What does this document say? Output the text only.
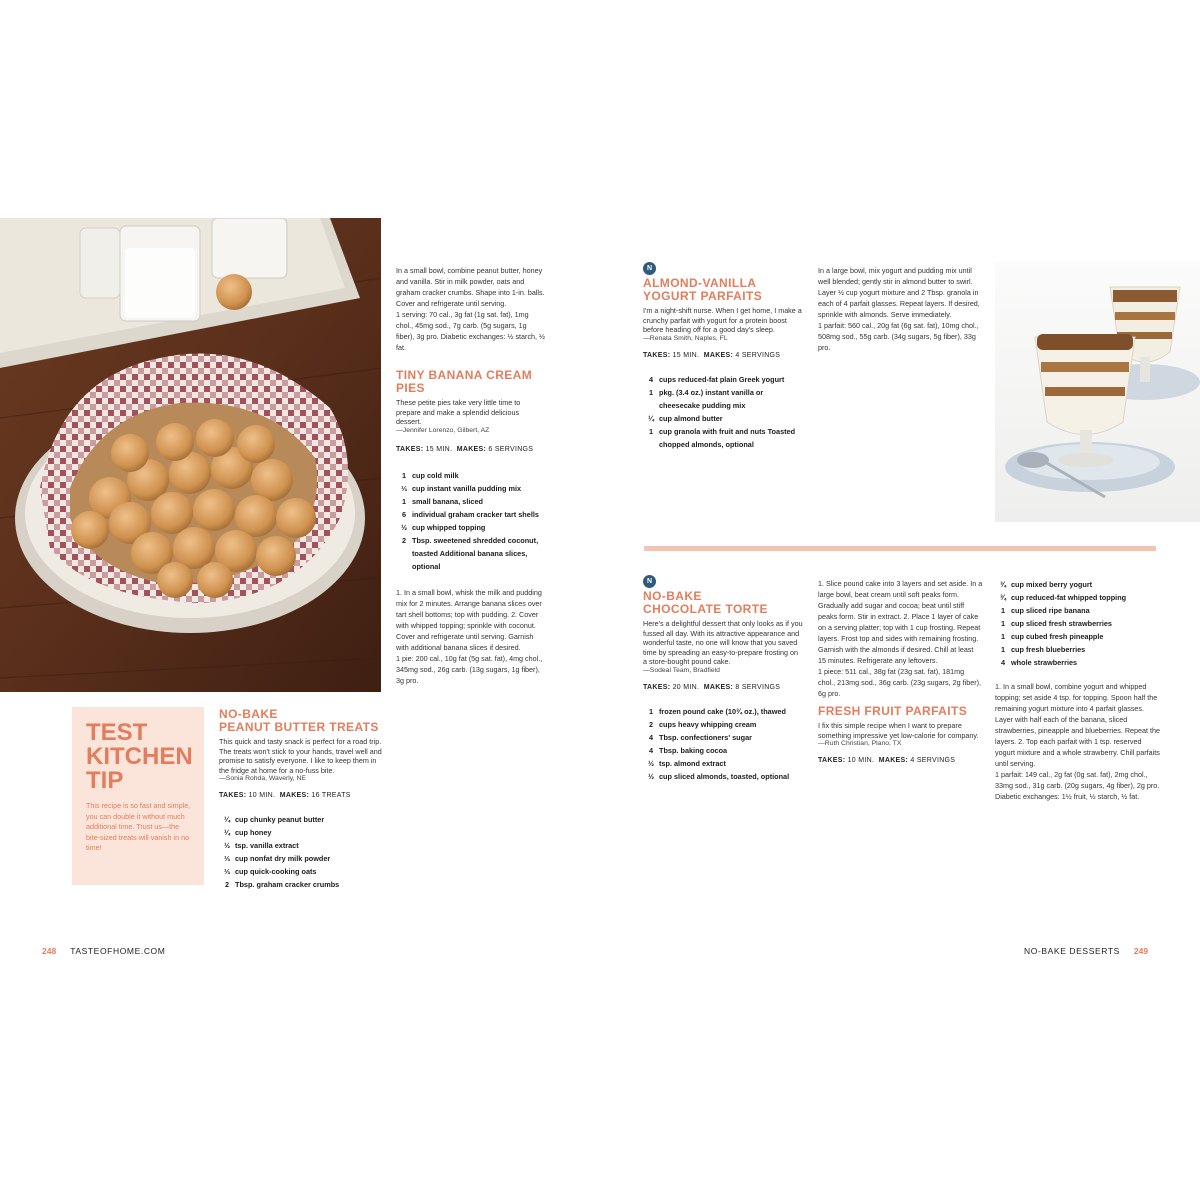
TEST
KITCHEN
TIP
This recipe is so fast and simple, you can double it without much additional time. Trust us—the bite-sized treats will vanish in no time!
NO-BAKE
PEANUT BUTTER TREATS
This quick and tasty snack is perfect for a road trip. The treats won't stick to your hands, travel well and promise to satisfy everyone. I like to keep them in the fridge at home for a no-fuss bite.
—Sonia Rohda, Waverly, NE
TAKES: 10 MIN. MAKES: 16 TREATS
¼ cup chunky peanut butter
¼ cup honey
½ tsp. vanilla extract
⅓ cup nonfat dry milk powder
⅓ cup quick-cooking oats
2 Tbsp. graham cracker crumbs
In a small bowl, combine peanut butter, honey and vanilla. Stir in milk powder, oats and graham cracker crumbs. Shape into 1-in. balls. Cover and refrigerate until serving.
1 serving: 70 cal., 3g fat (1g sat. fat), 1mg chol., 45mg sod., 7g carb. (5g sugars, 1g fiber), 3g pro. Diabetic exchanges: ½ starch, ½ fat.
TINY BANANA CREAM PIES
These petite pies take very little time to prepare and make a splendid delicious dessert.
—Jennifer Lorenzo, Gilbert, AZ
TAKES: 15 MIN. MAKES: 6 SERVINGS
1 cup cold milk
⅓ cup instant vanilla pudding mix
1 small banana, sliced
6 individual graham cracker tart shells
½ cup whipped topping
2 Tbsp. sweetened shredded coconut, toasted Additional banana slices, optional
1. In a small bowl, whisk the milk and pudding mix for 2 minutes. Arrange banana slices over tart shell bottoms; top with pudding. 2. Cover with whipped topping; sprinkle with coconut. Cover and refrigerate until serving. Garnish with additional banana slices if desired.
1 pie: 200 cal., 10g fat (5g sat. fat), 4mg chol., 345mg sod., 26g carb. (13g sugars, 1g fiber), 3g pro.
N
ALMOND-VANILLA
YOGURT PARFAITS
I'm a night-shift nurse. When I get home, I make a crunchy parfait with yogurt for a protein boost before heading off for a good day's sleep.
—Renata Smith, Naples, FL
TAKES: 15 MIN. MAKES: 4 SERVINGS
4 cups reduced-fat plain Greek yogurt
1 pkg. (3.4 oz.) instant vanilla or cheesecake pudding mix
¼ cup almond butter
1 cup granola with fruit and nuts Toasted chopped almonds, optional
In a large bowl, mix yogurt and pudding mix until well blended; gently stir in almond butter to swirl. Layer ½ cup yogurt mixture and 2 Tbsp. granola in each of 4 parfait glasses. Repeat layers. If desired, sprinkle with almonds. Serve immediately.
1 parfait: 560 cal., 20g fat (6g sat. fat), 10mg chol., 508mg sod., 55g carb. (34g sugars, 5g fiber), 33g pro.
N
NO-BAKE
CHOCOLATE TORTE
Here's a delightful dessert that only looks as if you fussed all day. With its attractive appearance and wonderful taste, no one will know that you saved time by spreading an easy-to-prepare frosting on a store-bought pound cake.
—Sodeal Team, Bradfield
TAKES: 20 MIN. MAKES: 8 SERVINGS
1 frozen pound cake (10¾ oz.), thawed
2 cups heavy whipping cream
4 Tbsp. confectioners' sugar
4 Tbsp. baking cocoa
½ tsp. almond extract
½ cup sliced almonds, toasted, optional
1. Slice pound cake into 3 layers and set aside. In a large bowl, beat cream until soft peaks form. Gradually add sugar and cocoa; beat until stiff peaks form. Stir in extract. 2. Place 1 layer of cake on a serving platter; top with 1 cup frosting. Repeat layers. Frost top and sides with remaining frosting. Garnish with the almonds if desired. Chill at least 15 minutes. Refrigerate any leftovers.
1 piece: 511 cal., 38g fat (23g sat. fat), 181mg chol., 213mg sod., 36g carb. (23g sugars, 2g fiber), 6g pro.
FRESH FRUIT PARFAITS
I fix this simple recipe when I want to prepare something impressive yet low-calorie for company.
—Ruth Christian, Plano, TX
TAKES: 10 MIN. MAKES: 4 SERVINGS
¾ cup mixed berry yogurt
¾ cup reduced-fat whipped topping
1 cup sliced ripe banana
1 cup sliced fresh strawberries
1 cup cubed fresh pineapple
1 cup fresh blueberries
4 whole strawberries
1. In a small bowl, combine yogurt and whipped topping; set aside 4 tsp. for topping. Spoon half the remaining yogurt mixture into 4 parfait glasses. Layer with half each of the banana, sliced strawberries, pineapple and blueberries. Repeat the layers. 2. Top each parfait with 1 tsp. reserved yogurt mixture and a whole strawberry. Chill parfaits until serving.
1 parfait: 149 cal., 2g fat (0g sat. fat), 2mg chol., 33mg sod., 31g carb. (20g sugars, 4g fiber), 2g pro. Diabetic exchanges: 1½ fruit, ½ starch, ½ fat.
248 TASTEOFHOME.COM	NO-BAKE DESSERTS 249
